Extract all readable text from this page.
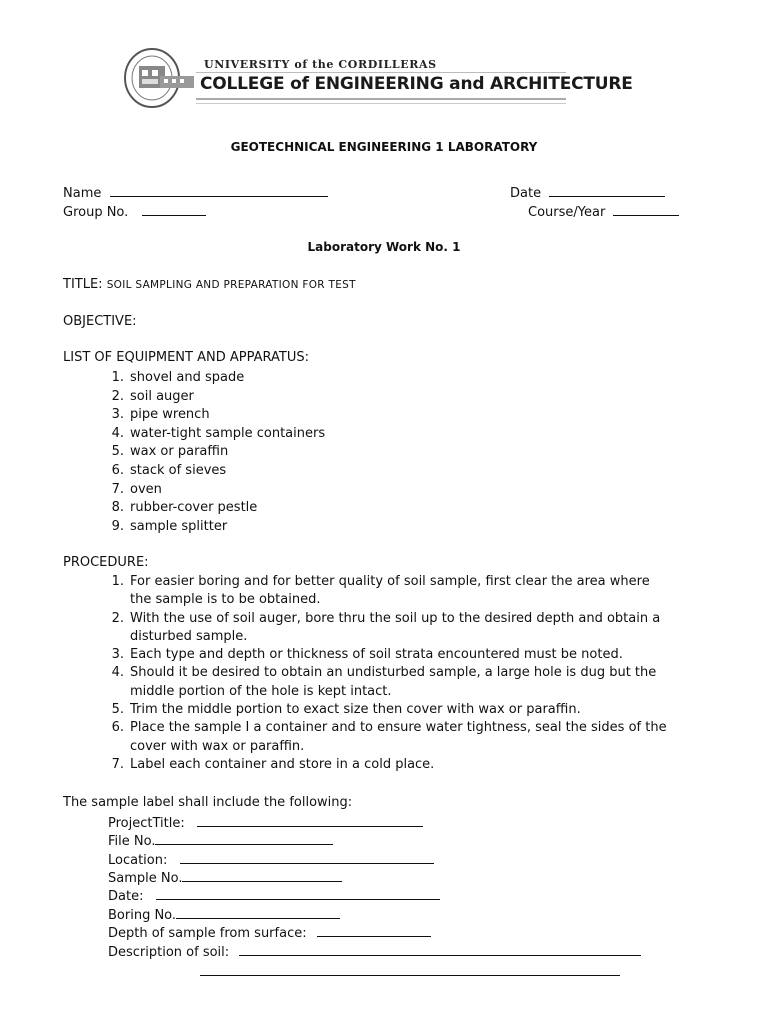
UNIVERSITY of the CORDILLERAS
COLLEGE of ENGINEERING and ARCHITECTURE
GEOTECHNICAL ENGINEERING 1 LABORATORY
Name	Date
Group No.	Course/Year
Laboratory Work No. 1
TITLE: SOIL SAMPLING AND PREPARATION FOR TEST
OBJECTIVE:
LIST OF EQUIPMENT AND APPARATUS:
1. shovel and spade
2. soil auger
3. pipe wrench
4. water-tight sample containers
5. wax or paraffin
6. stack of sieves
7. oven
8. rubber-cover pestle
9. sample splitter
PROCEDURE:
1. For easier boring and for better quality of soil sample, first clear the area where
the sample is to be obtained.
2. With the use of soil auger, bore thru the soil up to the desired depth and obtain a
disturbed sample.
3. Each type and depth or thickness of soil strata encountered must be noted.
4. Should it be desired to obtain an undisturbed sample, a large hole is dug but the
middle portion of the hole is kept intact.
5. Trim the middle portion to exact size then cover with wax or paraffin.
6. Place the sample I a container and to ensure water tightness, seal the sides of the
cover with wax or paraffin.
7. Label each container and store in a cold place.
The sample label shall include the following:
ProjectTitle:
File No.
Location:
Sample No.
Date:
Boring No.
Depth of sample from surface:
Description of soil:
